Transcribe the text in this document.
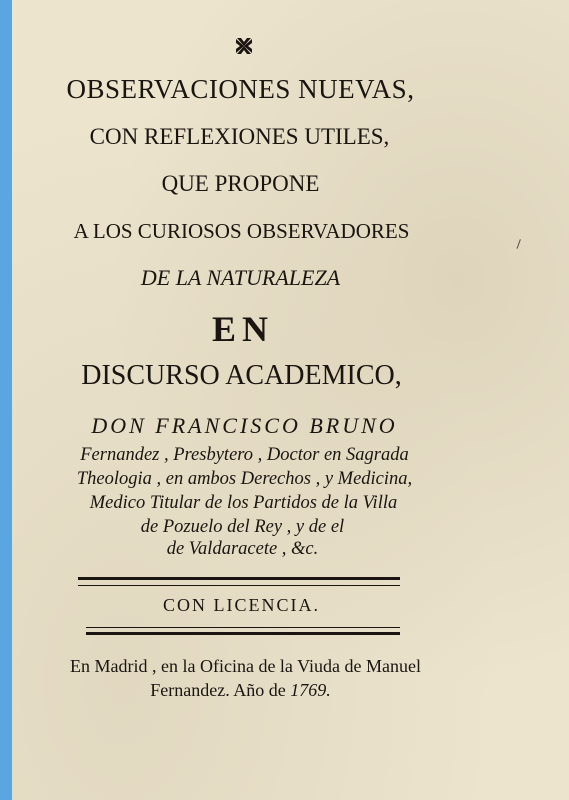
OBSERVACIONES NUEVAS,
CON REFLEXIONES UTILES,
QUE PROPONE
A LOS CURIOSOS OBSERVADORES
DE LA NATURALEZA
EN
DISCURSO ACADEMICO,
DON FRANCISCO BRUNO
Fernandez , Presbytero , Doctor en Sagrada
Theologia , en ambos Derechos , y Medicina,
Medico Titular de los Partidos de la Villa
de Pozuelo del Rey , y de el
de Valdaracete , &c.
CON LICENCIA.
En Madrid , en la Oficina de la Viuda de Manuel
Fernandez. Año de 1769.
